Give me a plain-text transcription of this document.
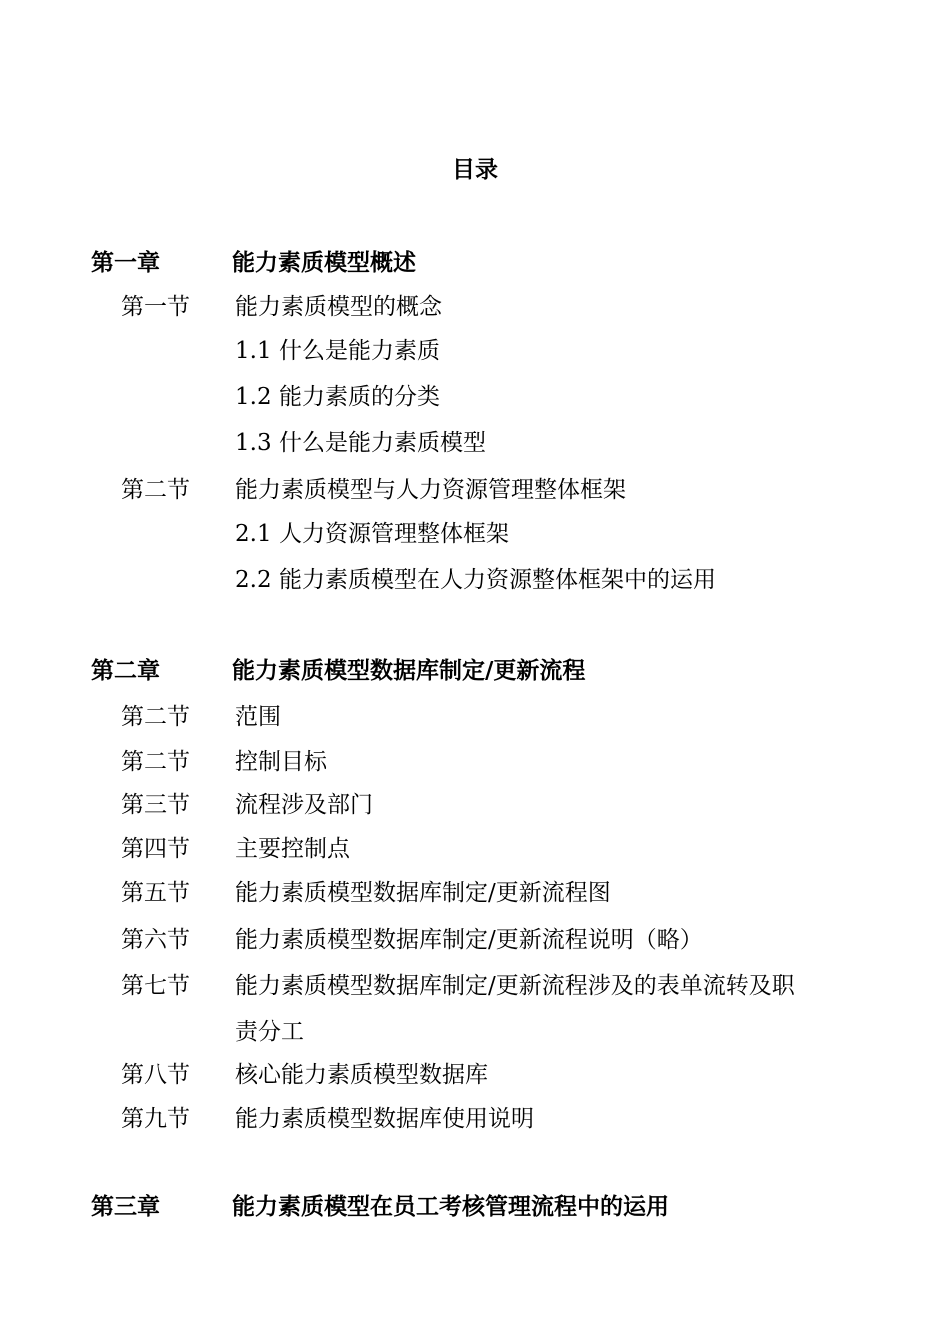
目录
第一章	能力素质模型概述
第一节 能力素质模型的概念
1.1 什么是能力素质
1.2 能力素质的分类
1.3 什么是能力素质模型
第二节 能力素质模型与人力资源管理整体框架
2.1 人力资源管理整体框架
2.2 能力素质模型在人力资源整体框架中的运用
第二章	能力素质模型数据库制定/更新流程
第二节 范围
第二节 控制目标
第三节 流程涉及部门
第四节 主要控制点
第五节 能力素质模型数据库制定/更新流程图
第六节 能力素质模型数据库制定/更新流程说明（略）
第七节 能力素质模型数据库制定/更新流程涉及的表单流转及职
责分工
第八节 核心能力素质模型数据库
第九节 能力素质模型数据库使用说明
第三章	能力素质模型在员工考核管理流程中的运用
